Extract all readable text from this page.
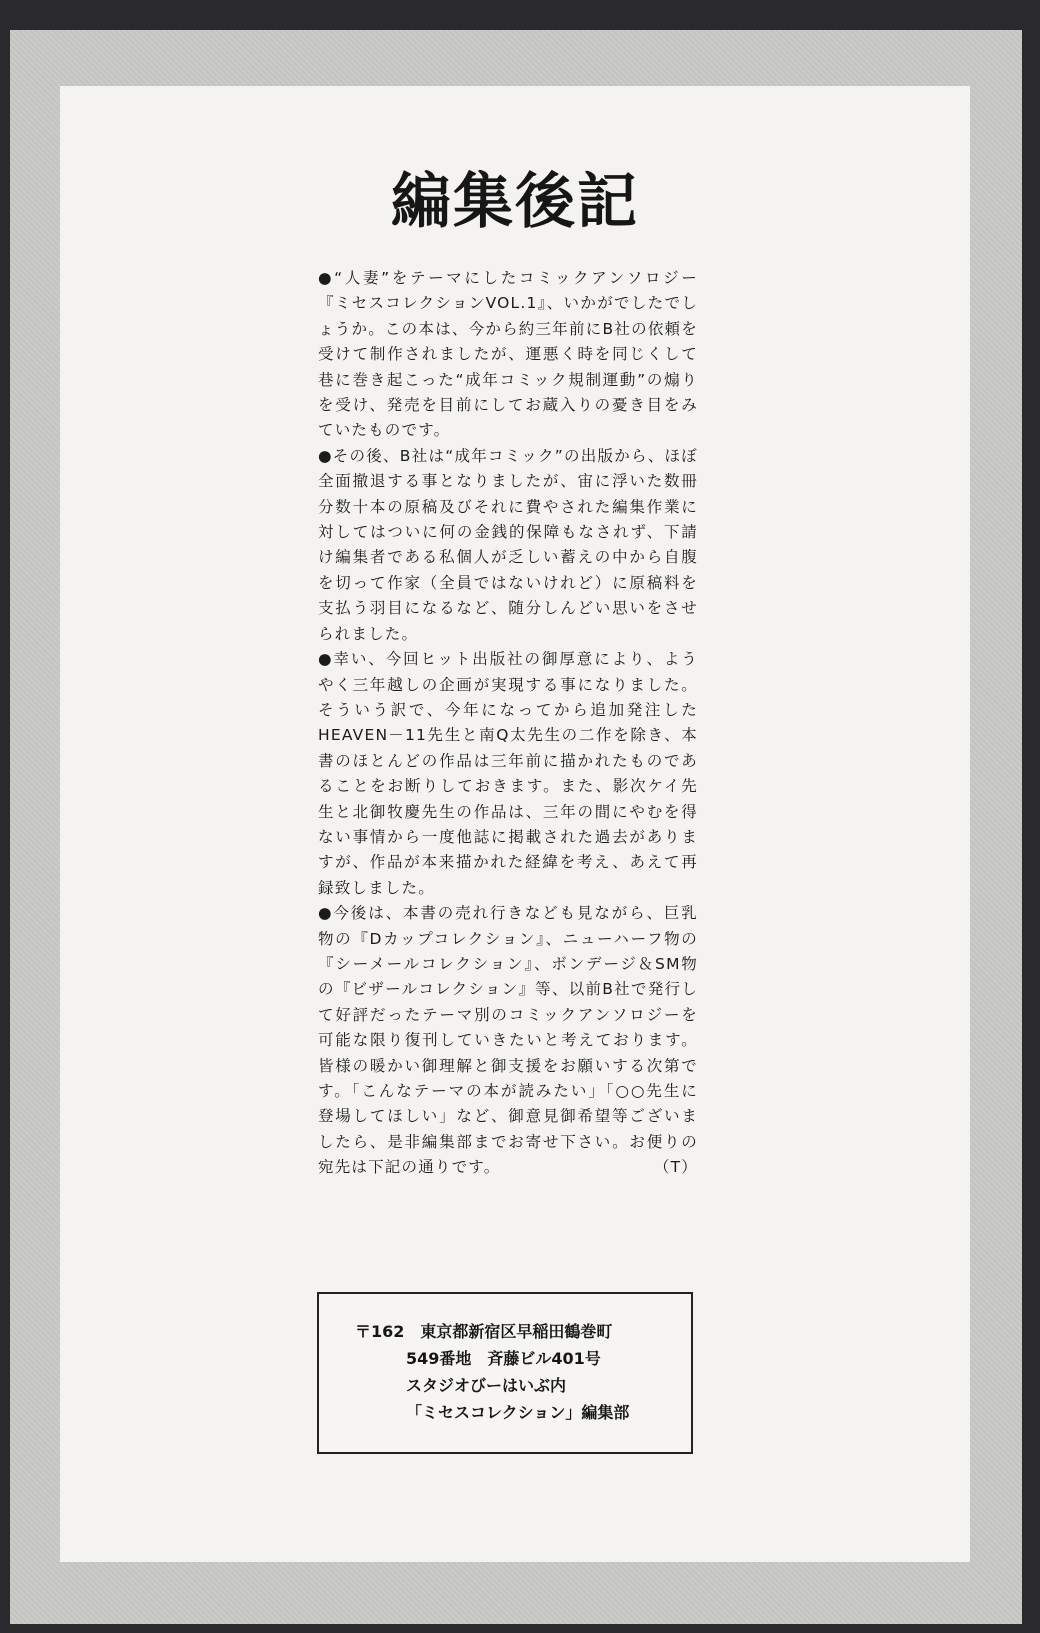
編集後記

●“人妻”をテーマにしたコミックアンソロジー『ミセスコレクションVOL.1』、いかがでしたでしょうか。この本は、今から約三年前にB社の依頼を受けて制作されましたが、運悪く時を同じくして巷に巻き起こった“成年コミック規制運動”の煽りを受け、発売を目前にしてお蔵入りの憂き目をみていたものです。

●その後、B社は“成年コミック”の出版から、ほぼ全面撤退する事となりましたが、宙に浮いた数冊分数十本の原稿及びそれに費やされた編集作業に対してはついに何の金銭的保障もなされず、下請け編集者である私個人が乏しい蓄えの中から自腹を切って作家（全員ではないけれど）に原稿料を支払う羽目になるなど、随分しんどい思いをさせられました。

●幸い、今回ヒット出版社の御厚意により、ようやく三年越しの企画が実現する事になりました。そういう訳で、今年になってから追加発注したHEAVEN－11先生と南Q太先生の二作を除き、本書のほとんどの作品は三年前に描かれたものであることをお断りしておきます。また、影次ケイ先生と北御牧慶先生の作品は、三年の間にやむを得ない事情から一度他誌に掲載された過去がありますが、作品が本来描かれた経緯を考え、あえて再録致しました。

●今後は、本書の売れ行きなども見ながら、巨乳物の『Dカップコレクション』、ニューハーフ物の『シーメールコレクション』、ボンデージ＆SM物の『ビザールコレクション』等、以前B社で発行して好評だったテーマ別のコミックアンソロジーを可能な限り復刊していきたいと考えております。皆様の暖かい御理解と御支援をお願いする次第です。「こんなテーマの本が読みたい」「○○先生に登場してほしい」など、御意見御希望等ございましたら、是非編集部までお寄せ下さい。お便りの宛先は下記の通りです。	（T）
〒162　東京都新宿区早稲田鶴巻町
549番地　斉藤ビル401号
スタジオびーはいぶ内
「ミセスコレクション」編集部
